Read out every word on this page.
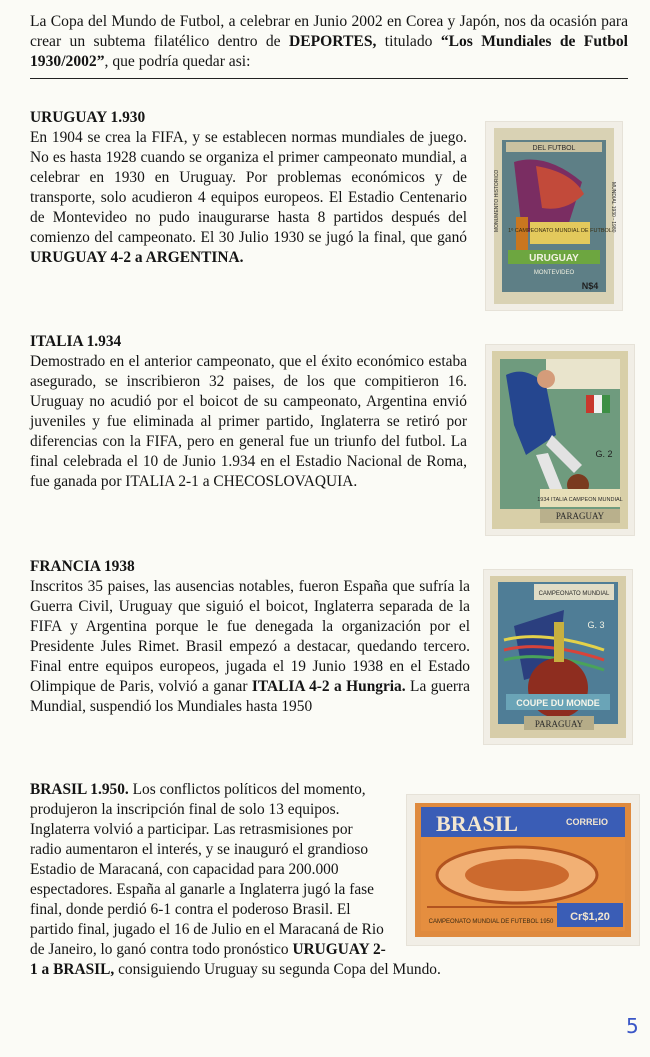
La Copa del Mundo de Futbol, a celebrar en Junio 2002 en Corea y Japón, nos da ocasión para crear un subtema filatélico dentro de DEPORTES, titulado “Los Mundiales de Futbol 1930/2002”, que podría quedar asi:
URUGUAY 1.930

En 1904 se crea la FIFA, y se establecen normas mundiales de juego. No es hasta 1928 cuando se organiza el primer campeonato mundial, a celebrar en 1930 en Uruguay. Por problemas económicos y de transporte, solo acudieron 4 equipos europeos. El Estadio Centenario de Montevideo no pudo inaugurarse hasta 8 partidos después del comienzo del campeonato. El 30 Julio 1930 se jugó la final, que ganó URUGUAY 4-2 a ARGENTINA.

ITALIA 1.934

Demostrado en el anterior campeonato, que el éxito económico estaba asegurado, se inscribieron 32 paises, de los que compitieron 16. Uruguay no acudió por el boicot de su campeonato, Argentina envió juveniles y fue eliminada al primer partido, Inglaterra se retiró por diferencias con la FIFA, pero en general fue un triunfo del futbol. La final celebrada el 10 de Junio 1.934 en el Estadio Nacional de Roma, fue ganada por ITALIA 2-1 a CHECOSLOVAQUIA.

FRANCIA 1938

Inscritos 35 paises, las ausencias notables, fueron España que sufría la Guerra Civil, Uruguay que siguió el boicot, Inglaterra separada de la FIFA y Argentina porque le fue denegada la organización por el Presidente Jules Rimet. Brasil empezó a destacar, quedando tercero. Final entre equipos europeos, jugada el 19 Junio 1938 en el Estado Olimpique de Paris, volvió a ganar ITALIA 4-2 a Hungria. La guerra Mundial, suspendió los Mundiales hasta 1950

BRASIL 1.950. Los conflictos políticos del momento, produjeron la inscripción final de solo 13 equipos. Inglaterra volvió a participar. Las retrasmisiones por radio aumentaron el interés, y se inauguró el grandioso Estadio de Maracaná, con capacidad para 200.000 espectadores. España al ganarle a Inglaterra jugó la fase final, donde perdió 6-1 contra el poderoso Brasil. El partido final, jugado el 16 de Julio en el Maracaná de Rio de Janeiro, lo ganó contra todo pronóstico URUGUAY 2-1 a BRASIL, consiguiendo Uruguay su segunda Copa del Mundo.

DEL FUTBOL
1º CAMPEONATO MUNDIAL DE FUTBOL
URUGUAY
MONTEVIDEO
N$4
MONUMENTO HISTORICO	MUNDIAL 1930 - 1980
G. 2
1934 ITALIA CAMPEON MUNDIAL
PARAGUAY
CAMPEONATO MUNDIAL
G. 3
COUPE DU MONDE
PARAGUAY
BRASIL	CORREIO
Cr$1,20
CAMPEONATO MUNDIAL DE FUTEBOL 1950
5
